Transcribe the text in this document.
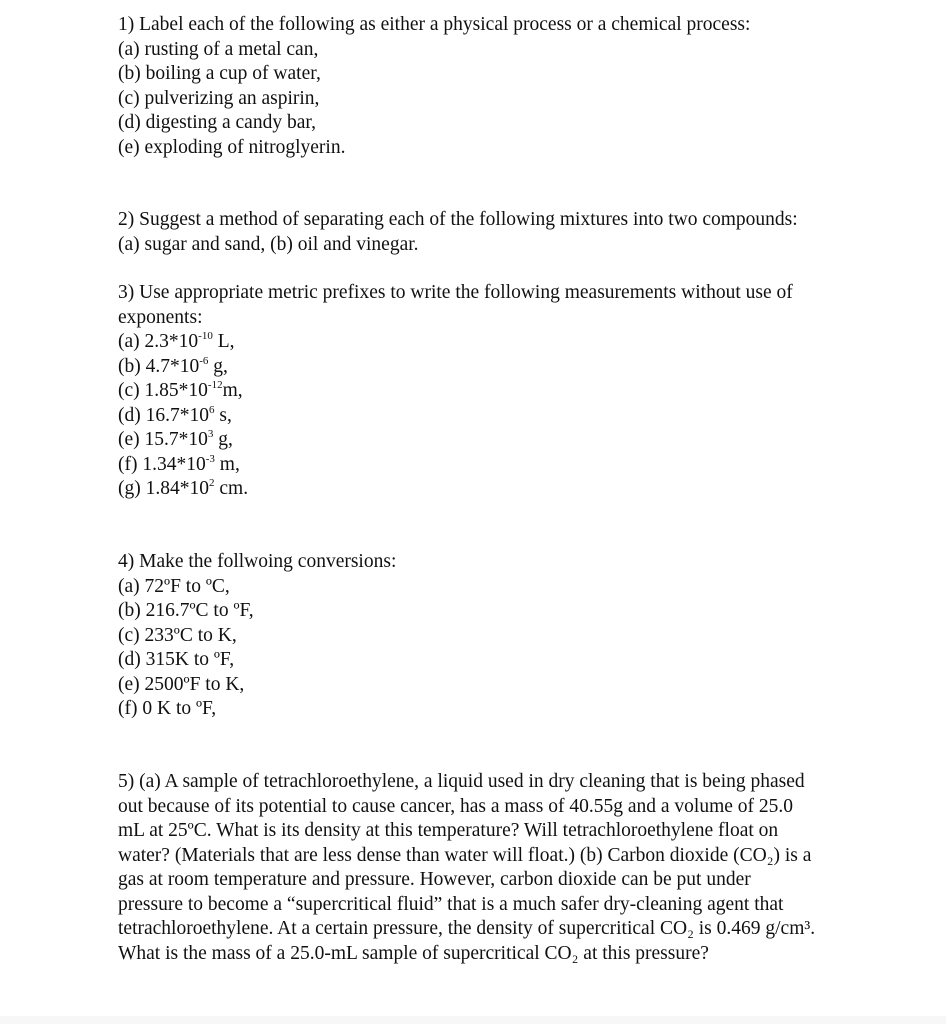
1) Label each of the following as either a physical process or a chemical process:
(a) rusting of a metal can,
(b) boiling a cup of water,
(c) pulverizing an aspirin,
(d) digesting a candy bar,
(e) exploding of nitroglyerin.
2) Suggest a method of separating each of the following mixtures into two compounds:
(a) sugar and sand, (b) oil and vinegar.
3) Use appropriate metric prefixes to write the following measurements without use of
exponents:
(a) $2.3*10^{-10}$ L,
(b) $4.7*10^{-6}$ g,
(c) $1.85*10^{-12}m$,
(d) $16.7*10^6$ s,
(e) $15.7*10^3$ g,
(f) $1.34*10^{-3}$ m,
(g) $1.84*10^2$ cm.
4) Make the follwoing conversions:
(a) 72ºF to ºC,
(b) 216.7ºC to ºF,
(c) 233ºC to K,
(d) 315K to ºF,
(e) 2500ºF to K,
(f) 0 K to ºF,
5) (a) A sample of tetrachloroethylene, a liquid used in dry cleaning that is being phased
out because of its potential to cause cancer, has a mass of 40.55g and a volume of 25.0
mL at 25ºC. What is its density at this temperature? Will tetrachloroethylene float on
water? (Materials that are less dense than water will float.) (b) Carbon dioxide (CO₂) is a
gas at room temperature and pressure. However, carbon dioxide can be put under
pressure to become a “supercritical fluid” that is a much safer dry-cleaning agent that
tetrachloroethylene. At a certain pressure, the density of supercritical CO₂ is 0.469 g/cm³.
What is the mass of a 25.0-mL sample of supercritical CO₂ at this pressure?
